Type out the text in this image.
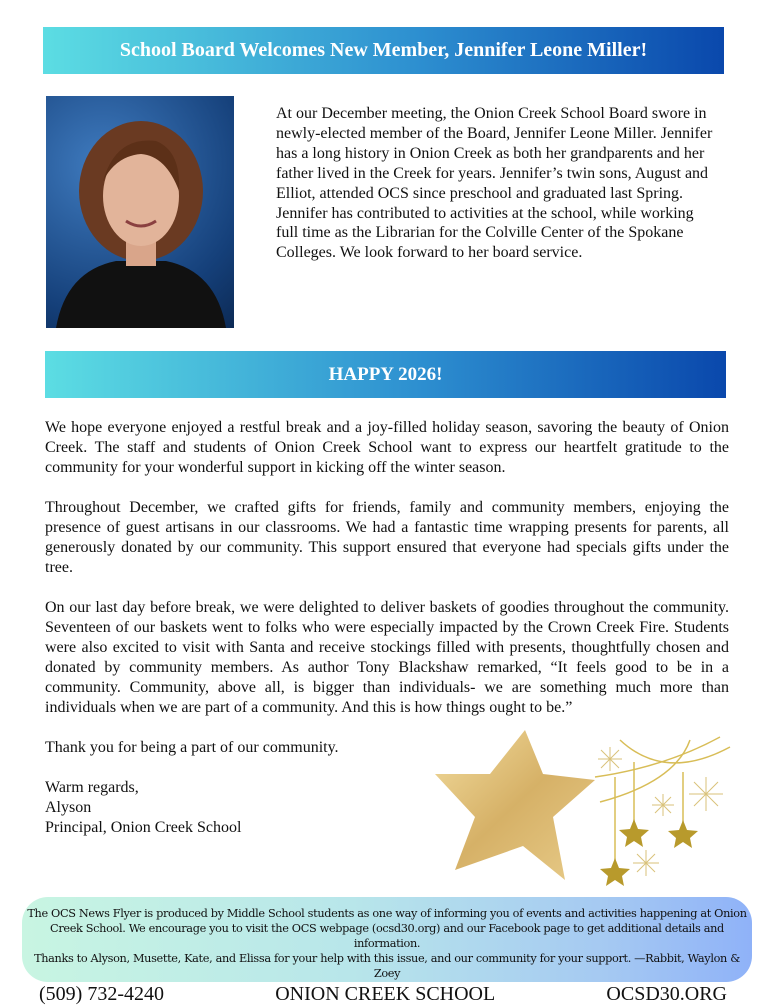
School Board Welcomes New Member, Jennifer Leone Miller!
At our December meeting, the Onion Creek School Board swore in newly-elected member of the Board, Jennifer Leone Miller. Jennifer has a long history in Onion Creek as both her grandparents and her father lived in the Creek for years. Jennifer’s twin sons, August and Elliot, attended OCS since preschool and graduated last Spring. Jennifer has contributed to activities at the school, while working full time as the Librarian for the Colville Center of the Spokane Colleges. We look forward to her board service.
HAPPY 2026!

We hope everyone enjoyed a restful break and a joy-filled holiday season, savoring the beauty of Onion Creek. The staff and students of Onion Creek School want to express our heartfelt gratitude to the community for your wonderful support in kicking off the winter season.

Throughout December, we crafted gifts for friends, family and community members, enjoying the presence of guest artisans in our classrooms. We had a fantastic time wrapping presents for parents, all generously donated by our community. This support ensured that everyone had specials gifts under the tree.

On our last day before break, we were delighted to deliver baskets of goodies throughout the community. Seventeen of our baskets went to folks who were especially impacted by the Crown Creek Fire. Students were also excited to visit with Santa and receive stockings filled with presents, thoughtfully chosen and donated by community members. As author Tony Blackshaw remarked, “It feels good to be in a community. Community, above all, is bigger than individuals- we are something much more than individuals when we are part of a community. And this is how things ought to be.”

Thank you for being a part of our community.

Warm regards,

Alyson

Principal, Onion Creek School

The OCS News Flyer is produced by Middle School students as one way of informing you of events and activities happening at Onion Creek School. We encourage you to visit the OCS webpage (ocsd30.org) and our Facebook page to get additional details and information.
Thanks to Alyson, Musette, Kate, and Elissa for your help with this issue, and our community for your support. —Rabbit, Waylon & Zoey
(509) 732-4240	ONION CREEK SCHOOL	OCSD30.ORG
